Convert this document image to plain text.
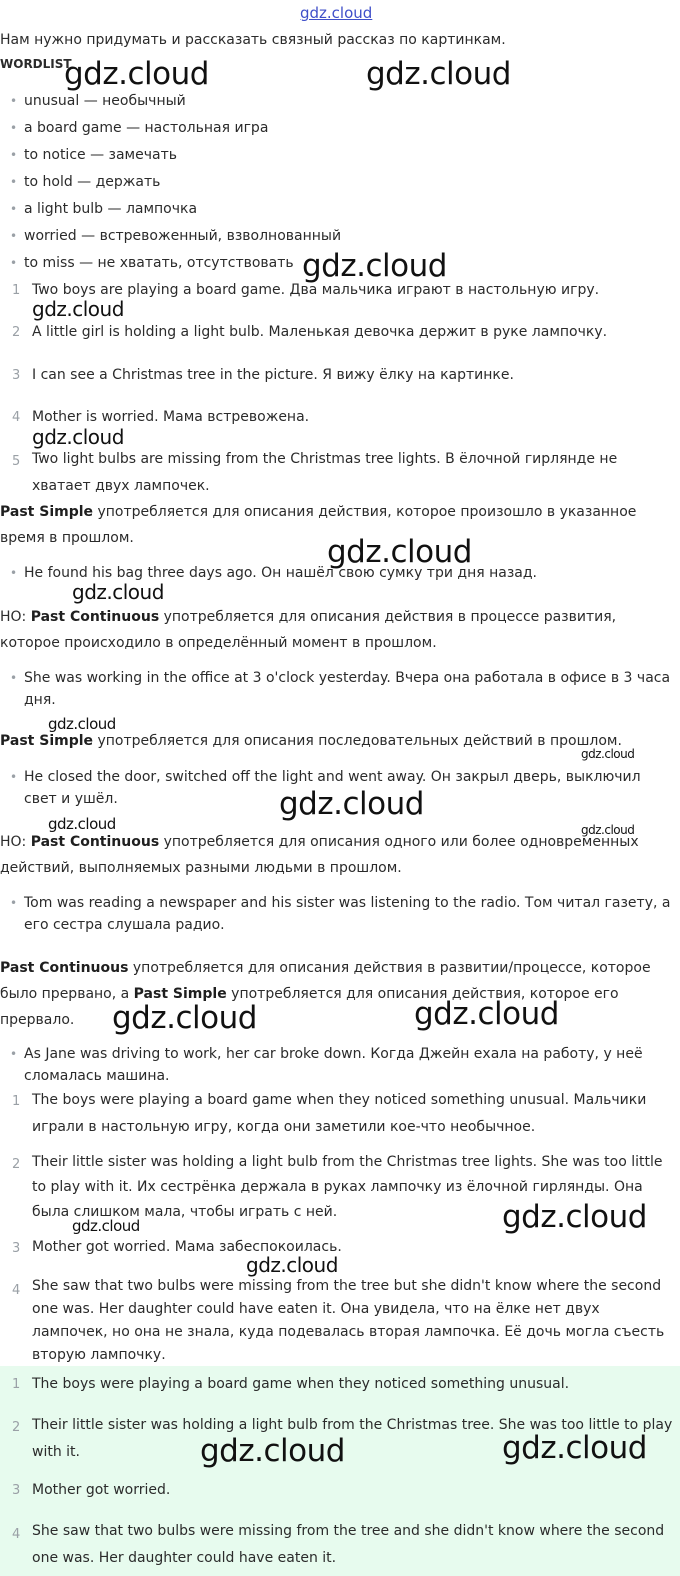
gdz.cloud

Нам нужно придумать и рассказать связный рассказ по картинкам.

WORDLIST

• unusual — необычный

• a board game — настольная игра

• to notice — замечать

• to hold — держать

• a light bulb — лампочка

• worried — встревоженный, взволнованный

• to miss — не хватать, отсутствовать

1 Two boys are playing a board game. Два мальчика играют в настольную игру.

2 A little girl is holding a light bulb. Маленькая девочка держит в руке лампочку.

3 I can see a Christmas tree in the picture. Я вижу ёлку на картинке.

4 Mother is worried. Мама встревожена.

5 Two light bulbs are missing from the Christmas tree lights. В ёлочной гирлянде не хватает двух лампочек.

Past Simple употребляется для описания действия, которое произошло в указанное время в прошлом.

• He found his bag three days ago. Он нашёл свою сумку три дня назад.

НО: Past Continuous употребляется для описания действия в процессе развития, которое происходило в определённый момент в прошлом.

• She was working in the office at 3 o'clock yesterday. Вчера она работала в офисе в 3 часа дня.

Past Simple употребляется для описания последовательных действий в прошлом.

• He closed the door, switched off the light and went away. Он закрыл дверь, выключил свет и ушёл.

НО: Past Continuous употребляется для описания одного или более одновременных действий, выполняемых разными людьми в прошлом.

• Tom was reading a newspaper and his sister was listening to the radio. Том читал газету, а его сестра слушала радио.

Past Continuous употребляется для описания действия в развитии/процессе, которое было прервано, а Past Simple употребляется для описания действия, которое его прервало.

• As Jane was driving to work, her car broke down. Когда Джейн ехала на работу, у неё сломалась машина.

1 The boys were playing a board game when they noticed something unusual. Мальчики играли в настольную игру, когда они заметили кое-что необычное.

2 Their little sister was holding a light bulb from the Christmas tree lights. She was too little to play with it. Их сестрёнка держала в руках лампочку из ёлочной гирлянды. Она была слишком мала, чтобы играть с ней.

3 Mother got worried. Мама забеспокоилась.

4 She saw that two bulbs were missing from the tree but she didn't know where the second one was. Her daughter could have eaten it. Она увидела, что на ёлке нет двух лампочек, но она не знала, куда подевалась вторая лампочка. Её дочь могла съесть вторую лампочку.

1 The boys were playing a board game when they noticed something unusual.

2 Their little sister was holding a light bulb from the Christmas tree. She was too little to play with it.

3 Mother got worried.

4 She saw that two bulbs were missing from the tree and she didn't know where the second one was. Her daughter could have eaten it.

gdz.cloud	gdz.cloud
gdz.cloud
gdz.cloud
gdz.cloud
gdz.cloud
gdz.cloud
gdz.cloud
gdz.cloud
gdz.cloud
gdz.cloud	gdz.cloud
gdz.cloud	gdz.cloud
gdz.cloud
gdz.cloud
gdz.cloud
gdz.cloud	gdz.cloud
